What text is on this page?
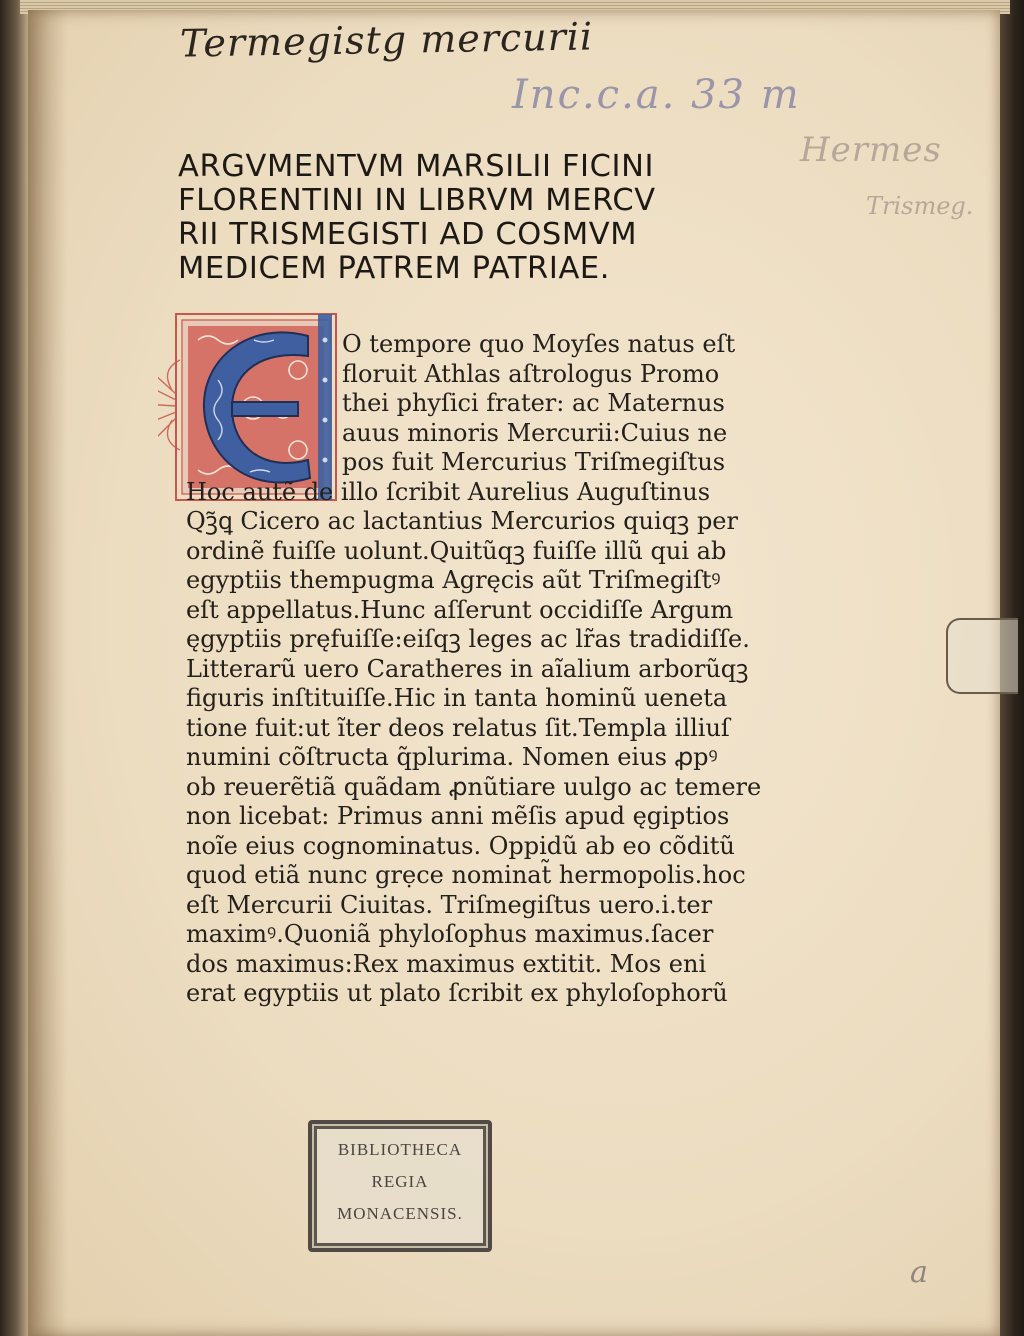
Termegistg mercurii
Inc.c.a. 33 m
Hermes
Trismeg.
a
ARGVMENTVM MARSILII FICINI
FLORENTINI IN LIBRVM MERCV
RII TRISMEGISTI AD COSMVM
MEDICEM PATREM PATRIAE.
O tempore quo Moyſes natus eſt
floruit Athlas aſtrologus Promo
thei phyſici frater: ac Maternus
auus minoris Mercurii:Cuius ne
pos fuit Mercurius Triſmegiſtus
Hoc autẽ de illo ſcribit Aurelius Auguſtinus
Qꝫ̃ꝗ Cicero ac lactantius Mercurios quiqꝫ per
ordinẽ fuiſſe uolunt.Quitũqꝫ fuiſſe illũ qui ab
egyptiis thempugma Agręcis aũt Triſmegiſtꝰ
eſt appellatus.Hunc aſſerunt occidiſſe Argum
ęgyptiis pręfuiſſe:eiſqꝫ leges ac lr̃as tradidiſſe.
Litterarũ uero Caratheres in aĩalium arborũqꝫ
figuris inſtituiſſe.Hic in tanta hominũ ueneta
tione fuit:ut ĩter deos relatus ſit.Templa illiuſ
numini cõſtructa q̃plurima. Nomen eius ꝓpꝰ
ob reuerẽtiã quãdam ꝓnũtiare uulgo ac temere
non licebat: Primus anni mẽſis apud ęgiptios
noĩe eius cognominatus. Oppidũ ab eo cõditũ
quod etiã nunc grẹce nominat̃ hermopolis.hoc
eſt Mercurii Ciuitas. Triſmegiſtus uero.i.ter
maximꝰ.Quoniã phyloſophus maximus.ſacer
dos maximus:Rex maximus extitit. Mos eni
erat egyptiis ut plato ſcribit ex phyloſophorũ
BIBLIOTHECA
REGIA
MONACENSIS.
